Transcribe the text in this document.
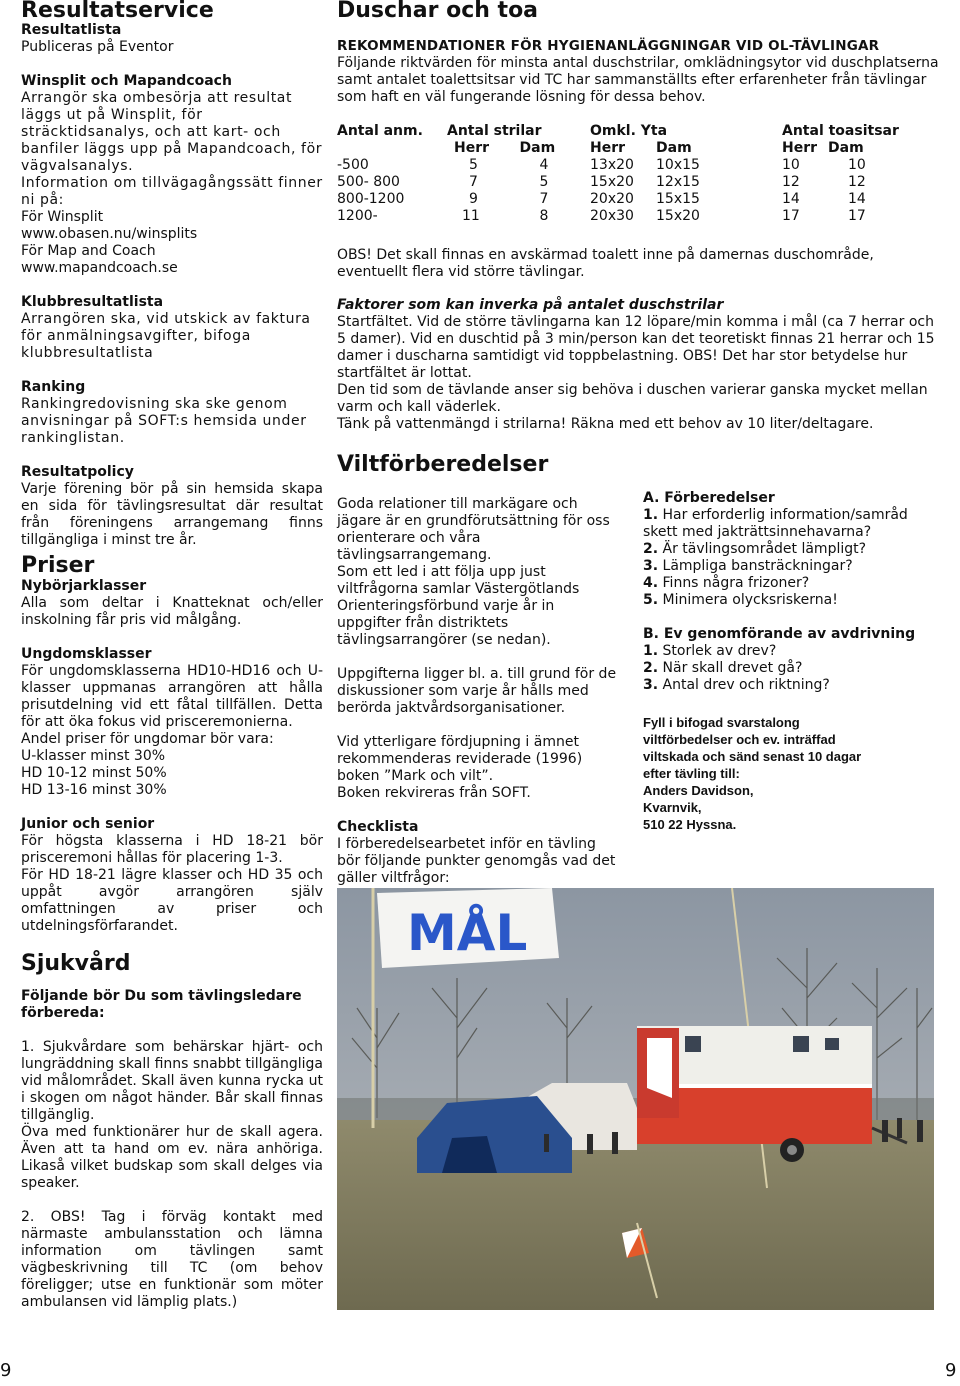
Resultatservice

Resultatlista

Publiceras på Eventor

Winsplit och Mapandcoach

Arrangör ska ombesörja att resultat läggs ut på Winsplit, för sträcktidsanalys, och att kart- och banfiler läggs upp på Mapandcoach, för vägvalsanalys.

Information om tillvägagångssätt finner ni på:

För Winsplit

www.obasen.nu/winsplits

För Map and Coach

www.mapandcoach.se

Klubbresultatlista

Arrangören ska, vid utskick av faktura för anmälningsavgifter, bifoga klubbresultatlista

Ranking

Rankingredovisning ska ske genom anvisningar på SOFT:s hemsida under rankinglistan.

Resultatpolicy

Varje förening bör på sin hemsida skapa en sida för tävlingsresultat där resultat från föreningens arrangemang finns tillgängliga i minst tre år.

Priser

Nybörjarklasser

Alla som deltar i Knatteknat och/eller inskolning får pris vid målgång.

Ungdomsklasser

För ungdomsklasserna HD10-HD16 och U-klasser uppmanas arrangören att hålla prisutdelning vid ett fåtal tillfällen. Detta för att öka fokus vid prisceremonierna.

Andel priser för ungdomar bör vara:

U-klasser minst 30%

HD 10-12 minst 50%

HD 13-16 minst 30%

Junior och senior

För högsta klasserna i HD 18-21 bör prisceremoni hållas för placering 1-3.

För HD 18-21 lägre klasser och HD 35 och uppåt avgör arrangören själv omfattningen av priser och utdelningsförfarandet.

Sjukvård

Följande bör Du som tävlingsledare förbereda:

1. Sjukvårdare som behärskar hjärt- och lungräddning skall finns snabbt tillgängliga vid målområdet. Skall även kunna rycka ut i skogen om något händer. Bår skall finnas tillgänglig.

Öva med funktionärer hur de skall agera. Även att ta hand om ev. nära anhöriga. Likaså vilket budskap som skall delges via speaker.

2. OBS! Tag i förväg kontakt med närmaste ambulansstation och lämna information om tävlingen samt vägbeskrivning till TC (om behov föreligger; utse en funktionär som möter ambulansen vid lämplig plats.)

Duschar och toa

REKOMMENDATIONER FÖR HYGIENANLÄGGNINGAR VID OL-TÄVLINGAR

Följande riktvärden för minsta antal duschstrilar, omklädningsytor vid duschplatserna samt antalet toalettsitsar vid TC har sammanställts efter erfarenheter från tävlingar som haft en väl fungerande lösning för dessa behov.

Antal anm.	Antal strilar		Omkl. Yta		Antal toasitsar	
	Herr	Dam	Herr	Dam	Herr	Dam
-500	5	4	13x20	10x15	10	10
500- 800	7	5	15x20	12x15	12	12
800-1200	9	7	20x20	15x15	14	14
1200-	11	8	20x30	15x20	17	17

OBS! Det skall finnas en avskärmad toalett inne på damernas duschområde, eventuellt flera vid större tävlingar.

Faktorer som kan inverka på antalet duschstrilar

Startfältet. Vid de större tävlingarna kan 12 löpare/min komma i mål (ca 7 herrar och 5 damer). Vid en duschtid på 3 min/person kan det teoretiskt finnas 21 herrar och 15 damer i duscharna samtidigt vid toppbelastning. OBS! Det har stor betydelse hur startfältet är lottat.

Den tid som de tävlande anser sig behöva i duschen varierar ganska mycket mellan varm och kall väderlek.

Tänk på vattenmängd i strilarna! Räkna med ett behov av 10 liter/deltagare.

Viltförberedelser

Goda relationer till markägare och jägare är en grundförutsättning för oss orienterare och våra tävlingsarrangemang.

Som ett led i att följa upp just viltfrågorna samlar Västergötlands Orienteringsförbund varje år in uppgifter från distriktets tävlingsarrangörer (se nedan).

Uppgifterna ligger bl. a. till grund för de diskussioner som varje år hålls med berörda jaktvårdsorganisationer.

Vid ytterligare fördjupning i ämnet rekommenderas reviderade (1996) boken ”Mark och vilt”.

Boken rekvireras från SOFT.

Checklista

I förberedelsearbetet inför en tävling bör följande punkter genomgås vad det gäller viltfrågor:

A. Förberedelser

1. Har erforderlig information/samråd skett med jakträttsinnehavarna?

2. Är tävlingsområdet lämpligt?

3. Lämpliga bansträckningar?

4. Finns några frizoner?

5. Minimera olycksriskerna!

B. Ev genomförande av avdrivning

1. Storlek av drev?

2. När skall drevet gå?

3. Antal drev och riktning?

Fyll i bifogad svarstalong

viltförbedelser och ev. inträffad

viltskada och sänd senast 10 dagar

efter tävling till:

Anders Davidson,

Kvarnvik,

510 22 Hyssna.

MÅL
9	9
